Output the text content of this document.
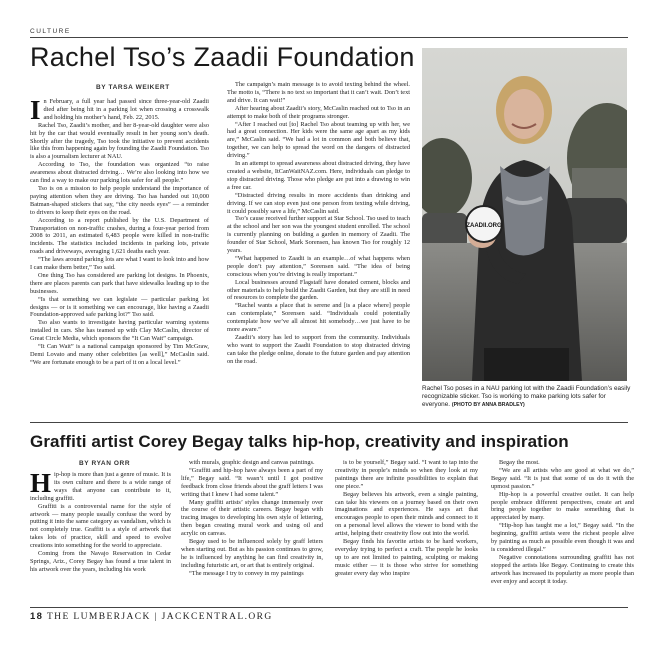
CULTURE
Rachel Tso’s Zaadii Foundation
BY TARSA WEIKERT
I n February, a full year had passed since three-year-old Zaadii died after being hit in a parking lot when crossing a crosswalk and holding his mother’s hand, Feb. 22, 2015.

Rachel Tso, Zaadii’s mother, and her 8-year-old daughter were also hit by the car that would eventually result in her young son’s death. Shortly after the tragedy, Tso took the initiative to prevent accidents like this from happening again by founding the Zaadii Foundation. Tso is also a journalism lecturer at NAU.

According to Tso, the foundation was organized “to raise awareness about distracted driving… We’re also looking into how we can find a way to make our parking lots safer for all people.”

Tso is on a mission to help people understand the importance of paying attention when they are driving. Tso has handed out 10,000 Batman-shaped stickers that say, “the city needs eyes” — a reminder to drivers to keep their eyes on the road.

According to a report published by the U.S. Department of Transportation on non-traffic crashes, during a four-year period from 2008 to 2011, an estimated 6,483 people were killed in non-traffic incidents. The statistics included incidents in parking lots, private roads and driveways, averaging 1,621 deaths each year.

“The laws around parking lots are what I want to look into and how I can make them better,” Tso said.

One thing Tso has considered are parking lot designs. In Phoenix, there are places parents can park that have sidewalks leading up to the businesses.

“Is that something we can legislate — particular parking lot designs — or is it something we can encourage, like having a Zaadii Foundation-approved safe parking lot?” Tso said.

Tso also wants to investigate having particular warning systems installed in cars. She has teamed up with Clay McCaslin, director of Great Circle Media, which sponsors the “It Can Wait” campaign.

“It Can Wait” is a national campaign sponsored by Tim McGraw, Demi Lovato and many other celebrities [as well],” McCaslin said. “We are fortunate enough to be a part of it on a local level.”

The campaign’s main message is to avoid texting behind the wheel. The motto is, “There is no text so important that it can’t wait. Don’t text and drive. It can wait!”

After hearing about Zaadii’s story, McCaslin reached out to Tso in an attempt to make both of their programs stronger.

“After I reached out [to] Rachel Tso about teaming up with her, we had a great connection. Her kids were the same age apart as my kids are,” McCaslin said. “We had a lot in common and both believe that, together, we can help to spread the word on the dangers of distracted driving.”

In an attempt to spread awareness about distracted driving, they have created a website, ItCanWaitNAZ.com. Here, individuals can pledge to stop distracted driving. Those who pledge are put into a drawing to win a free car.

“Distracted driving results in more accidents than drinking and driving. If we can stop even just one person from texting while driving, it could possibly save a life,” McCaslin said.

Tso’s cause received further support at Star School. Tso used to teach at the school and her son was the youngest student enrolled. The school is currently planning on building a garden in memory of Zaadii. The founder of Star School, Mark Sorensen, has known Tso for roughly 12 years.

“What happened to Zaadii is an example…of what happens when people don’t pay attention,” Sorensen said. “The idea of being conscious when you’re driving is really important.”

Local businesses around Flagstaff have donated cement, blocks and other materials to help build the Zaadii Garden, but they are still in need of resources to complete the garden.

“Rachel wants a place that is serene and [is a place where] people can contemplate,” Sorensen said. “Individuals could potentially contemplate how we’ve all almost hit somebody…we just have to be more aware.”

Zaadii’s story has led to support from the community. Individuals who want to support the Zaadii Foundation to stop distracted driving can take the pledge online, donate to the future garden and pay attention on the road.

ZAADII.ORG
Rachel Tso poses in a NAU parking lot with the Zaadii Foundation’s easily recognizable sticker. Tso is working to make parking lots safer for everyone. (PHOTO BY ANNA BRADLEY)
Graffiti artist Corey Begay talks hip-hop, creativity and inspiration
BY RYAN ORR
H ip-hop is more than just a genre of music. It is its own culture and there is a wide range of ways that anyone can contribute to it, including graffiti.

Graffiti is a controversial name for the style of artwork — many people usually confuse the word by putting it into the same category as vandalism, which is not completely true. Graffiti is a style of artwork that takes lots of practice, skill and speed to evolve creations into something for the world to appreciate.

Coming from the Navajo Reservation in Cedar Springs, Ariz., Corey Begay has found a true talent in his artwork over the years, including his work

with murals, graphic design and canvas paintings.

“Graffiti and hip-hop have always been a part of my life,” Begay said. “It wasn’t until I got positive feedback from close friends about the graff letters I was writing that I knew I had some talent.”

Many graffiti artists’ styles change immensely over the course of their artistic careers. Begay began with tracing images to developing his own style of lettering, then began creating mural work and using oil and acrylic on canvas.

Begay used to be influenced solely by graff letters when starting out. But as his passion continues to grow, he is influenced by anything he can find creativity in, including futuristic art, or art that is entirely original.

“The message I try to convey in my paintings

is to be yourself,” Begay said. “I want to tap into the creativity in people’s minds so when they look at my paintings there are infinite possibilities to explain that one piece.”

Begay believes his artwork, even a single painting, can take his viewers on a journey based on their own imaginations and experiences. He says art that encourages people to open their minds and connect to it on a personal level allows the viewer to bond with the artist, helping their creativity flow out into the world.

Begay finds his favorite artists to be hard workers, everyday trying to perfect a craft. The people he looks up to are not limited to painting, sculpting or making music either — it is those who strive for something greater every day who inspire

Begay the most.

“We are all artists who are good at what we do,” Begay said. “It is just that some of us do it with the upmost passion.”

Hip-hop is a powerful creative outlet. It can help people embrace different perspectives, create art and bring people together to make something that is appreciated by many.

“Hip-hop has taught me a lot,” Begay said. “In the beginning, graffiti artists were the richest people alive by painting as much as possible even though it was and is considered illegal.”

Negative connotations surrounding graffiti has not stopped the artists like Begay. Continuing to create this artwork has increased its popularity as more people than ever enjoy and accept it today.

18 THE LUMBERJACK | JACKCENTRAL.ORG
